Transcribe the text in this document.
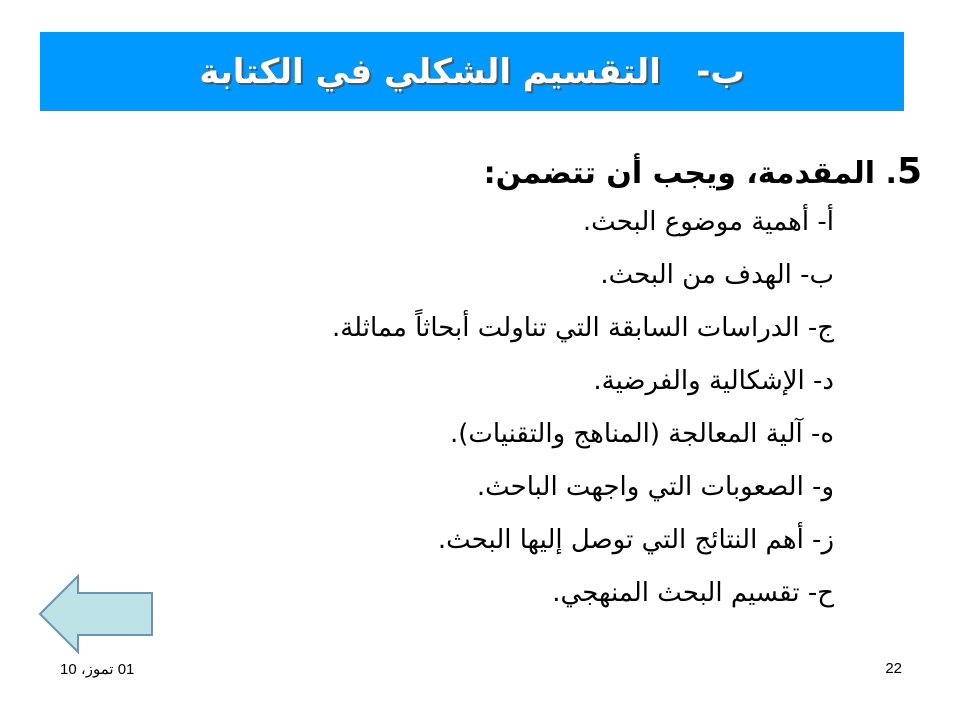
ب-   التقسيم الشكلي في الكتابة
5. المقدمة، ويجب أن تتضمن:
أ- أهمية موضوع البحث.
ب- الهدف من البحث.
ج- الدراسات السابقة التي تناولت أبحاثاً مماثلة.
د- الإشكالية والفرضية.
ه- آلية المعالجة (المناهج والتقنيات).
و- الصعوبات التي واجهت الباحث.
ز- أهم النتائج التي توصل إليها البحث.
ح- تقسيم البحث المنهجي.
01 تموز، 10	22
